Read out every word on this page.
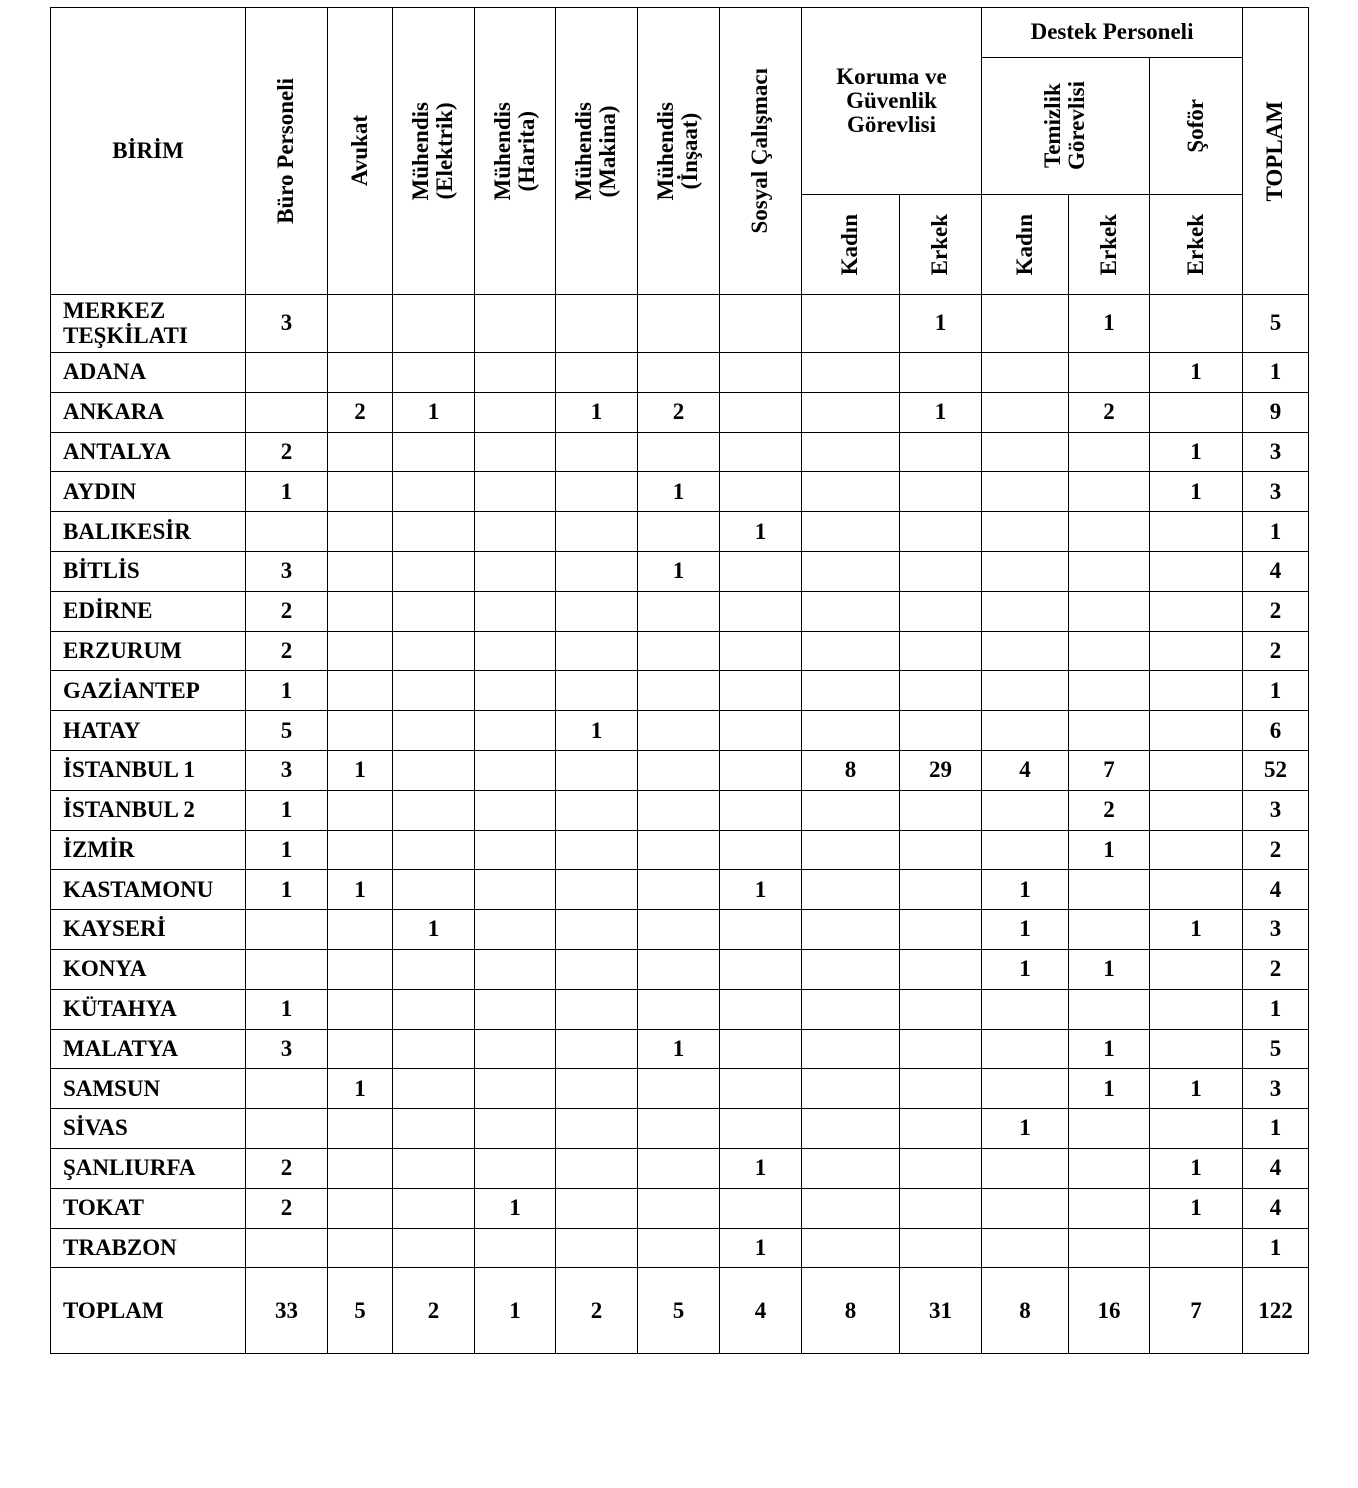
BİRİM	Büro Personeli	Avukat	Mühendis (Elektrik)	Mühendis (Harita)	Mühendis (Makina)	Mühendis (İnşaat)	Sosyal Çalışmacı	Koruma ve
Güvenlik
Görevlisi		Destek Personeli			TOPLAM

										Temizlik Görevlisi		Şoför	

								Kadın	Erkek	Kadın	Erkek	Erkek	

MERKEZ
TEŞKİLATI	3								1		1		5

ADANA												1	1

ANKARA		2	1		1	2			1		2		9

ANTALYA	2											1	3

AYDIN	1					1						1	3

BALIKESİR							1						1

BİTLİS	3					1							4

EDİRNE	2												2

ERZURUM	2												2

GAZİANTEP	1												1

HATAY	5				1								6

İSTANBUL 1	3	1						8	29	4	7		52

İSTANBUL 2	1										2		3

İZMİR	1										1		2

KASTAMONU	1	1					1			1			4

KAYSERİ			1							1		1	3

KONYA										1	1		2

KÜTAHYA	1												1

MALATYA	3					1					1		5

SAMSUN		1									1	1	3

SİVAS										1			1

ŞANLIURFA	2						1					1	4

TOKAT	2			1								1	4

TRABZON							1						1
TOPLAM	33	5	2	1	2	5	4	8	31	8	16	7	122
